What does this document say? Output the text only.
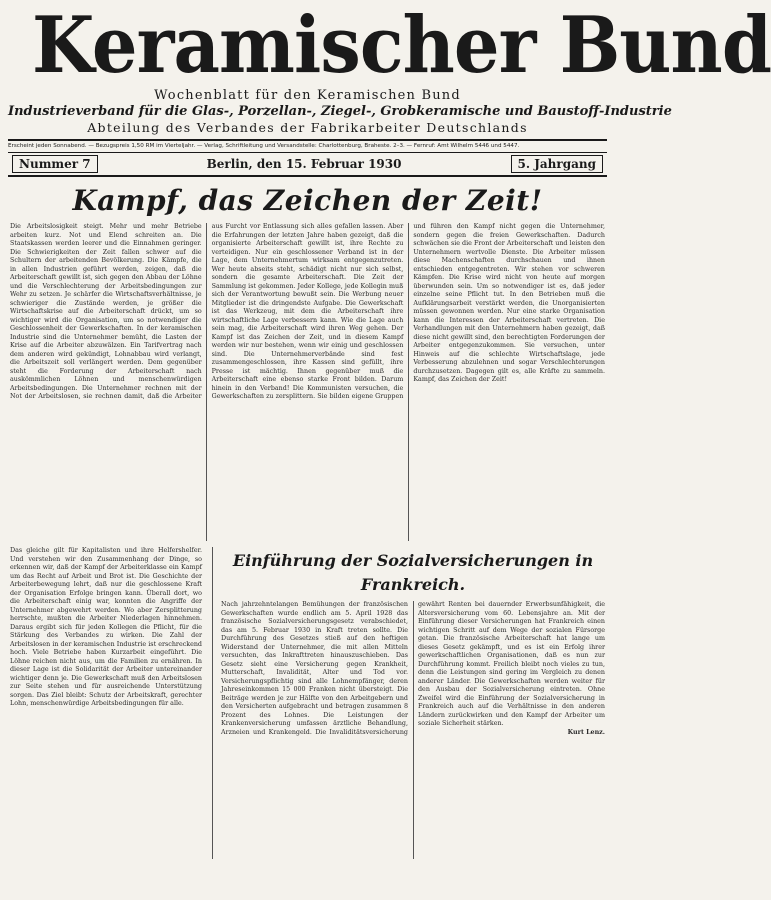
Keramischer Bund
Wochenblatt für den Keramischen Bund
Industrieverband für die Glas-, Porzellan-, Ziegel-, Grobkeramische und Baustoff-Industrie
Abteilung des Verbandes der Fabrikarbeiter Deutschlands
Erscheint jeden Sonnabend. — Bezugspreis 1,50 RM im Vierteljahr. — Verlag, Schriftleitung und Versandstelle: Charlottenburg, Braheste. 2–3. — Fernruf: Amt Wilhelm 5446 und 5447.
Nummer 7	Berlin, den 15. Februar 1930	5. Jahrgang
Kampf, das Zeichen der Zeit!
Die Arbeitslosigkeit steigt. Mehr und mehr Betriebe arbeiten kurz. Not und Elend schreiten an. Die Staatskassen werden leerer und die Einnahmen geringer. Die Schwierigkeiten der Zeit fallen schwer auf die Schultern der arbeitenden Bevölkerung. Die Kämpfe, die in allen Industrien geführt werden, zeigen, daß die Arbeiterschaft gewillt ist, sich gegen den Abbau der Löhne und die Verschlechterung der Arbeitsbedingungen zur Wehr zu setzen. Je schärfer die Wirtschaftsverhältnisse, je schwieriger die Zustände werden, je größer die Wirtschaftskrise auf die Arbeiterschaft drückt, um so wichtiger wird die Organisation, um so notwendiger die Geschlossenheit der Gewerkschaften. In der keramischen Industrie sind die Unternehmer bemüht, die Lasten der Krise auf die Arbeiter abzuwälzen. Ein Tarifvertrag nach dem anderen wird gekündigt, Lohnabbau wird verlangt, die Arbeitszeit soll verlängert werden. Dem gegenüber steht die Forderung der Arbeiterschaft nach auskömmlichen Löhnen und menschenwürdigen Arbeitsbedingungen. Die Unternehmer rechnen mit der Not der Arbeitslosen, sie rechnen damit, daß die Arbeiter aus Furcht vor Entlassung sich alles gefallen lassen. Aber die Erfahrungen der letzten Jahre haben gezeigt, daß die organisierte Arbeiterschaft gewillt ist, ihre Rechte zu verteidigen. Nur ein geschlossener Verband ist in der Lage, dem Unternehmertum wirksam entgegenzutreten. Wer heute abseits steht, schädigt nicht nur sich selbst, sondern die gesamte Arbeiterschaft. Die Zeit der Sammlung ist gekommen. Jeder Kollege, jede Kollegin muß sich der Verantwortung bewußt sein. Die Werbung neuer Mitglieder ist die dringendste Aufgabe. Die Gewerkschaft ist das Werkzeug, mit dem die Arbeiterschaft ihre wirtschaftliche Lage verbessern kann. Wie die Lage auch sein mag, die Arbeiterschaft wird ihren Weg gehen. Der Kampf ist das Zeichen der Zeit, und in diesem Kampf werden wir nur bestehen, wenn wir einig und geschlossen sind. Die Unternehmerverbände sind fest zusammengeschlossen, ihre Kassen sind gefüllt, ihre Presse ist mächtig. Ihnen gegenüber muß die Arbeiterschaft eine ebenso starke Front bilden. Darum hinein in den Verband! Die Kommunisten versuchen, die Gewerkschaften zu zersplittern. Sie bilden eigene Gruppen und führen den Kampf nicht gegen die Unternehmer, sondern gegen die freien Gewerkschaften. Dadurch schwächen sie die Front der Arbeiterschaft und leisten den Unternehmern wertvolle Dienste. Die Arbeiter müssen diese Machenschaften durchschauen und ihnen entschieden entgegentreten. Wir stehen vor schweren Kämpfen. Die Krise wird nicht von heute auf morgen überwunden sein. Um so notwendiger ist es, daß jeder einzelne seine Pflicht tut. In den Betrieben muß die Aufklärungsarbeit verstärkt werden, die Unorganisierten müssen gewonnen werden. Nur eine starke Organisation kann die Interessen der Arbeiterschaft vertreten. Die Verhandlungen mit den Unternehmern haben gezeigt, daß diese nicht gewillt sind, den berechtigten Forderungen der Arbeiter entgegenzukommen. Sie versuchen, unter Hinweis auf die schlechte Wirtschaftslage, jede Verbesserung abzulehnen und sogar Verschlechterungen durchzusetzen. Dagegen gilt es, alle Kräfte zu sammeln. Kampf, das Zeichen der Zeit!
Das gleiche gilt für Kapitalisten und ihre Helfershelfer. Und verstehen wir den Zusammenhang der Dinge, so erkennen wir, daß der Kampf der Arbeiterklasse ein Kampf um das Recht auf Arbeit und Brot ist. Die Geschichte der Arbeiterbewegung lehrt, daß nur die geschlossene Kraft der Organisation Erfolge bringen kann. Überall dort, wo die Arbeiterschaft einig war, konnten die Angriffe der Unternehmer abgewehrt werden. Wo aber Zersplitterung herrschte, mußten die Arbeiter Niederlagen hinnehmen. Daraus ergibt sich für jeden Kollegen die Pflicht, für die Stärkung des Verbandes zu wirken. Die Zahl der Arbeitslosen in der keramischen Industrie ist erschreckend hoch. Viele Betriebe haben Kurzarbeit eingeführt. Die Löhne reichen nicht aus, um die Familien zu ernähren. In dieser Lage ist die Solidarität der Arbeiter untereinander wichtiger denn je. Die Gewerkschaft muß den Arbeitslosen zur Seite stehen und für ausreichende Unterstützung sorgen. Das Ziel bleibt: Schutz der Arbeitskraft, gerechter Lohn, menschenwürdige Arbeitsbedingungen für alle.
Einführung der Sozialversicherungen in Frankreich.
Nach jahrzehntelangen Bemühungen der französischen Gewerkschaften wurde endlich am 5. April 1928 das französische Sozialversicherungsgesetz verabschiedet, das am 5. Februar 1930 in Kraft treten sollte. Die Durchführung des Gesetzes stieß auf den heftigen Widerstand der Unternehmer, die mit allen Mitteln versuchten, das Inkrafttreten hinauszuschieben. Das Gesetz sieht eine Versicherung gegen Krankheit, Mutterschaft, Invalidität, Alter und Tod vor. Versicherungspflichtig sind alle Lohnempfänger, deren Jahreseinkommen 15 000 Franken nicht übersteigt. Die Beiträge werden je zur Hälfte von den Arbeitgebern und den Versicherten aufgebracht und betragen zusammen 8 Prozent des Lohnes. Die Leistungen der Krankenversicherung umfassen ärztliche Behandlung, Arzneien und Krankengeld. Die Invaliditätsversicherung gewährt Renten bei dauernder Erwerbsunfähigkeit, die Altersversicherung vom 60. Lebensjahre an. Mit der Einführung dieser Versicherungen hat Frankreich einen wichtigen Schritt auf dem Wege der sozialen Fürsorge getan. Die französische Arbeiterschaft hat lange um dieses Gesetz gekämpft, und es ist ein Erfolg ihrer gewerkschaftlichen Organisationen, daß es nun zur Durchführung kommt. Freilich bleibt noch vieles zu tun, denn die Leistungen sind gering im Vergleich zu denen anderer Länder. Die Gewerkschaften werden weiter für den Ausbau der Sozialversicherung eintreten. Ohne Zweifel wird die Einführung der Sozialversicherung in Frankreich auch auf die Verhältnisse in den anderen Ländern zurückwirken und den Kampf der Arbeiter um soziale Sicherheit stärken.
Kurt Lenz.
